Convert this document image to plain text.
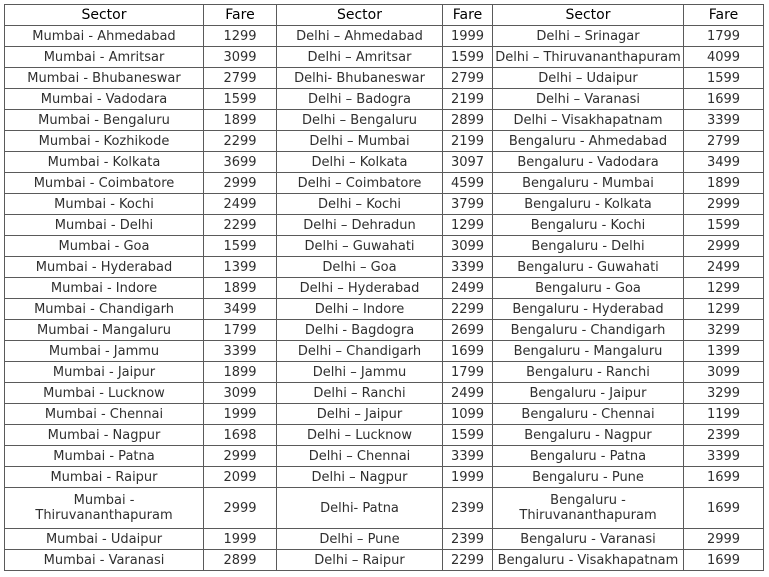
Sector	Fare	Sector	Fare	Sector	Fare
Mumbai - Ahmedabad	1299	Delhi – Ahmedabad	1999	Delhi – Srinagar	1799
Mumbai - Amritsar	3099	Delhi – Amritsar	1599	Delhi – Thiruvananthapuram	4099
Mumbai - Bhubaneswar	2799	Delhi- Bhubaneswar	2799	Delhi – Udaipur	1599
Mumbai - Vadodara	1599	Delhi – Badogra	2199	Delhi – Varanasi	1699
Mumbai - Bengaluru	1899	Delhi – Bengaluru	2899	Delhi – Visakhapatnam	3399
Mumbai - Kozhikode	2299	Delhi – Mumbai	2199	Bengaluru - Ahmedabad	2799
Mumbai - Kolkata	3699	Delhi – Kolkata	3097	Bengaluru - Vadodara	3499
Mumbai - Coimbatore	2999	Delhi – Coimbatore	4599	Bengaluru - Mumbai	1899
Mumbai - Kochi	2499	Delhi – Kochi	3799	Bengaluru - Kolkata	2999
Mumbai - Delhi	2299	Delhi – Dehradun	1299	Bengaluru - Kochi	1599
Mumbai - Goa	1599	Delhi – Guwahati	3099	Bengaluru - Delhi	2999
Mumbai - Hyderabad	1399	Delhi – Goa	3399	Bengaluru - Guwahati	2499
Mumbai - Indore	1899	Delhi – Hyderabad	2499	Bengaluru - Goa	1299
Mumbai - Chandigarh	3499	Delhi – Indore	2299	Bengaluru - Hyderabad	1299
Mumbai - Mangaluru	1799	Delhi - Bagdogra	2699	Bengaluru - Chandigarh	3299
Mumbai - Jammu	3399	Delhi – Chandigarh	1699	Bengaluru - Mangaluru	1399
Mumbai - Jaipur	1899	Delhi – Jammu	1799	Bengaluru - Ranchi	3099
Mumbai - Lucknow	3099	Delhi – Ranchi	2499	Bengaluru - Jaipur	3299
Mumbai - Chennai	1999	Delhi – Jaipur	1099	Bengaluru - Chennai	1199
Mumbai - Nagpur	1698	Delhi – Lucknow	1599	Bengaluru - Nagpur	2399
Mumbai - Patna	2999	Delhi – Chennai	3399	Bengaluru - Patna	3399
Mumbai - Raipur	2099	Delhi – Nagpur	1999	Bengaluru - Pune	1699
Mumbai - Thiruvananthapuram	2999	Delhi- Patna	2399	Bengaluru - Thiruvananthapuram	1699
Mumbai - Udaipur	1999	Delhi – Pune	2399	Bengaluru - Varanasi	2999
Mumbai - Varanasi	2899	Delhi – Raipur	2299	Bengaluru - Visakhapatnam	1699
